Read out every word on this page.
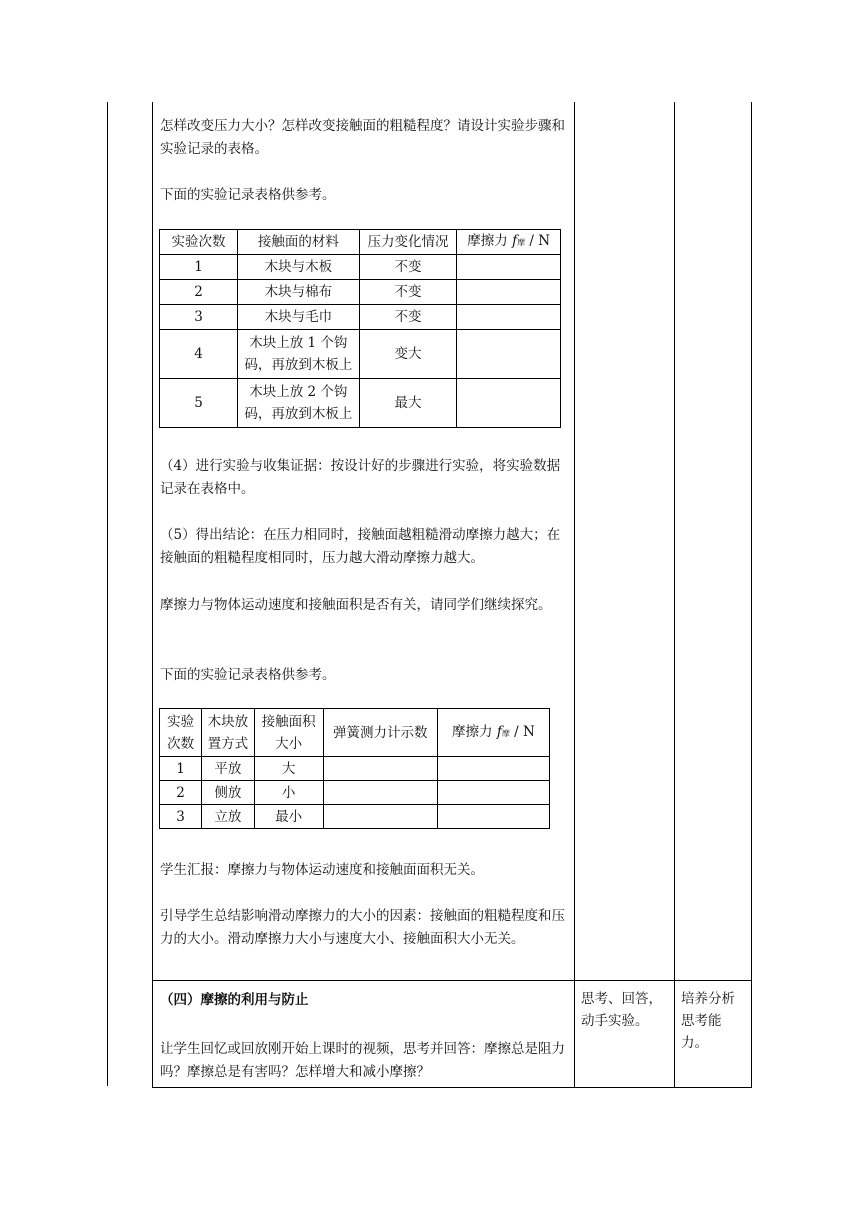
怎样改变压力大小？怎样改变接触面的粗糙程度？请设计实验步骤和实验记录的表格。

下面的实验记录表格供参考。

实验次数	接触面的材料	压力变化情况	摩擦力 f摩 / N
1	木块与木板	不变	
2	木块与棉布	不变	
3	木块与毛巾	不变	
4	木块上放 1 个钩码，再放到木板上	变大	
5	木块上放 2 个钩码，再放到木板上	最大	

（4）进行实验与收集证据：按设计好的步骤进行实验，将实验数据记录在表格中。

（5）得出结论：在压力相同时，接触面越粗糙滑动摩擦力越大；在接触面的粗糙程度相同时，压力越大滑动摩擦力越大。

摩擦力与物体运动速度和接触面积是否有关，请同学们继续探究。

下面的实验记录表格供参考。

实验次数	木块放置方式	接触面积大小	弹簧测力计示数	摩擦力 f摩 / N
1	平放	大		
2	侧放	小		
3	立放	最小		

学生汇报：摩擦力与物体运动速度和接触面面积无关。

引导学生总结影响滑动摩擦力的大小的因素：接触面的粗糙程度和压力的大小。滑动摩擦力大小与速度大小、接触面积大小无关。

（四）摩擦的利用与防止

让学生回忆或回放刚开始上课时的视频，思考并回答：摩擦总是阻力吗？摩擦总是有害吗？怎样增大和减小摩擦？

思考、回答，动手实验。
培养分析思考能力。
